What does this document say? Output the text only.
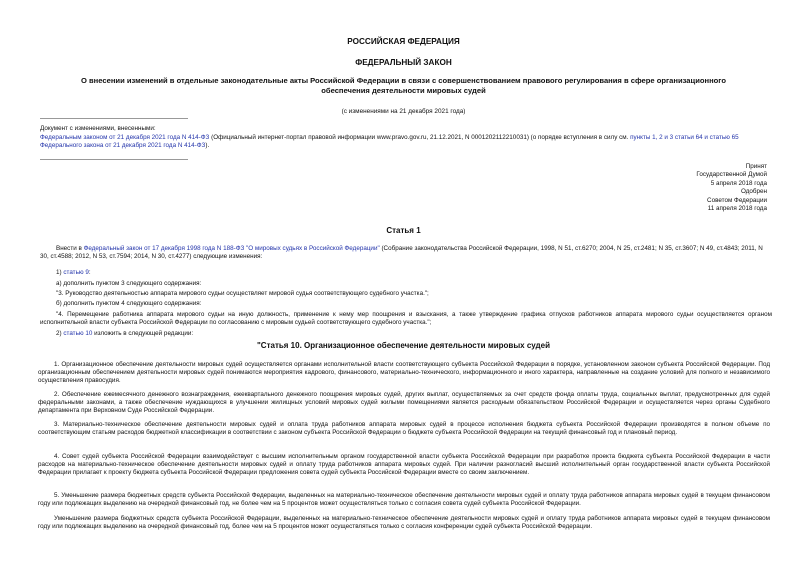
РОССИЙСКАЯ ФЕДЕРАЦИЯ
ФЕДЕРАЛЬНЫЙ ЗАКОН
О внесении изменений в отдельные законодательные акты Российской Федерации в связи с совершенствованием правового регулирования в сфере организационного обеспечения деятельности мировых судей
(с изменениями на 21 декабря 2021 года)
Документ с изменениями, внесенными:
Федеральным законом от 21 декабря 2021 года N 414-ФЗ (Официальный интернет-портал правовой информации www.pravo.gov.ru, 21.12.2021, N 0001202112210031) (о порядке вступления в силу см. пункты 1, 2 и 3 статьи 64 и статью 65 Федерального закона от 21 декабря 2021 года N 414-ФЗ).
Принят
Государственной Думой
5 апреля 2018 года
Одобрен
Советом Федерации
11 апреля 2018 года
Статья 1
Внести в Федеральный закон от 17 декабря 1998 года N 188-ФЗ "О мировых судьях в Российской Федерации" (Собрание законодательства Российской Федерации, 1998, N 51, ст.6270; 2004, N 25, ст.2481; N 35, ст.3607; N 49, ст.4843; 2011, N 30, ст.4588; 2012, N 53, ст.7594; 2014, N 30, ст.4277) следующие изменения:
1) статью 9:
а) дополнить пунктом 3 следующего содержания:
"3. Руководство деятельностью аппарата мирового судьи осуществляет мировой судья соответствующего судебного участка.";
б) дополнить пунктом 4 следующего содержания:
"4. Перемещение работника аппарата мирового судьи на иную должность, применение к нему мер поощрения и взыскания, а также утверждение графика отпусков работников аппарата мирового судьи осуществляется органом исполнительной власти субъекта Российской Федерации по согласованию с мировым судьей соответствующего судебного участка.";
2) статью 10 изложить в следующей редакции:
"Статья 10. Организационное обеспечение деятельности мировых судей
1. Организационное обеспечение деятельности мировых судей осуществляется органами исполнительной власти соответствующего субъекта Российской Федерации в порядке, установленном законом субъекта Российской Федерации. Под организационным обеспечением деятельности мировых судей понимаются мероприятия кадрового, финансового, материально-технического, информационного и иного характера, направленные на создание условий для полного и независимого осуществления правосудия.
2. Обеспечение ежемесячного денежного вознаграждения, ежеквартального денежного поощрения мировых судей, других выплат, осуществляемых за счет средств фонда оплаты труда, социальных выплат, предусмотренных для судей федеральными законами, а также обеспечение нуждающихся в улучшении жилищных условий мировых судей жилыми помещениями является расходным обязательством Российской Федерации и осуществляется через органы Судебного департамента при Верховном Суде Российской Федерации.
3. Материально-техническое обеспечение деятельности мировых судей и оплата труда работников аппарата мировых судей в процессе исполнения бюджета субъекта Российской Федерации производятся в полном объеме по соответствующим статьям расходов бюджетной классификации в соответствии с законом субъекта Российской Федерации о бюджете субъекта Российской Федерации на текущий финансовый год и плановый период.
4. Совет судей субъекта Российской Федерации взаимодействует с высшим исполнительным органом государственной власти субъекта Российской Федерации при разработке проекта бюджета субъекта Российской Федерации в части расходов на материально-техническое обеспечение деятельности мировых судей и оплату труда работников аппарата мировых судей. При наличии разногласий высший исполнительный орган государственной власти субъекта Российской Федерации прилагает к проекту бюджета субъекта Российской Федерации предложения совета судей субъекта Российской Федерации вместе со своим заключением.
5. Уменьшение размера бюджетных средств субъекта Российской Федерации, выделенных на материально-техническое обеспечение деятельности мировых судей и оплату труда работников аппарата мировых судей в текущем финансовом году или подлежащих выделению на очередной финансовый год, не более чем на 5 процентов может осуществляться только с согласия совета судей субъекта Российской Федерации.
Уменьшение размера бюджетных средств субъекта Российской Федерации, выделенных на материально-техническое обеспечение деятельности мировых судей и оплату труда работников аппарата мировых судей в текущем финансовом году или подлежащих выделению на очередной финансовый год, более чем на 5 процентов может осуществляться только с согласия конференции судей субъекта Российской Федерации.
